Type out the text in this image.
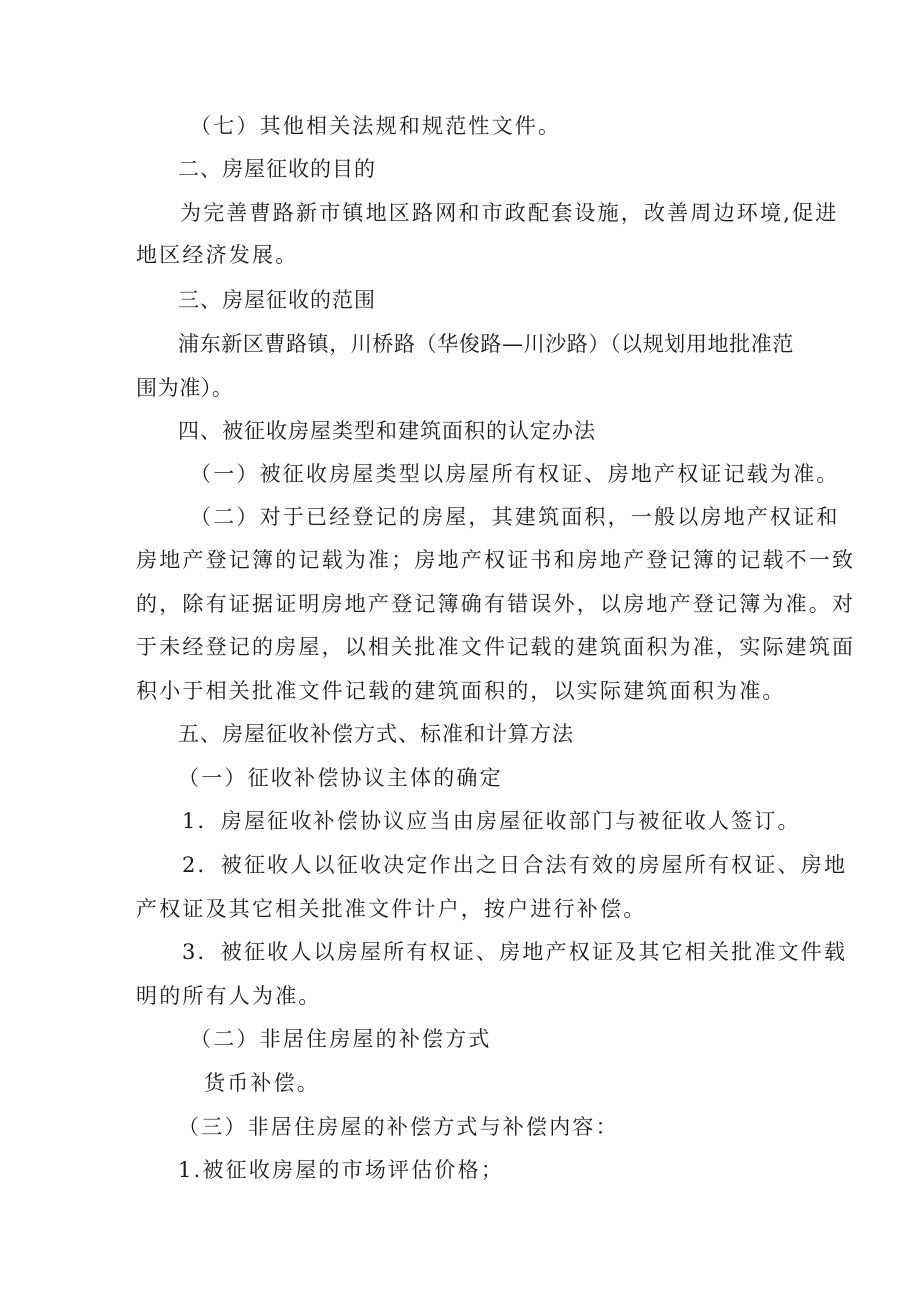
（七）其他相关法规和规范性文件。
二、房屋征收的目的
为完善曹路新市镇地区路网和市政配套设施，改善周边环境,促进
地区经济发展。
三、房屋征收的范围
浦东新区曹路镇，川桥路（华俊路—川沙路）（以规划用地批准范
围为准）。
四、被征收房屋类型和建筑面积的认定办法
（一）被征收房屋类型以房屋所有权证、房地产权证记载为准。
（二）对于已经登记的房屋，其建筑面积，一般以房地产权证和
房地产登记簿的记载为准；房地产权证书和房地产登记簿的记载不一致
的，除有证据证明房地产登记簿确有错误外，以房地产登记簿为准。对
于未经登记的房屋，以相关批准文件记载的建筑面积为准，实际建筑面
积小于相关批准文件记载的建筑面积的，以实际建筑面积为准。
五、房屋征收补偿方式、标准和计算方法
（一）征收补偿协议主体的确定
1．房屋征收补偿协议应当由房屋征收部门与被征收人签订。
2．被征收人以征收决定作出之日合法有效的房屋所有权证、房地
产权证及其它相关批准文件计户，按户进行补偿。
3．被征收人以房屋所有权证、房地产权证及其它相关批准文件载
明的所有人为准。
（二）非居住房屋的补偿方式
货币补偿。
（三）非居住房屋的补偿方式与补偿内容：
1.被征收房屋的市场评估价格；
